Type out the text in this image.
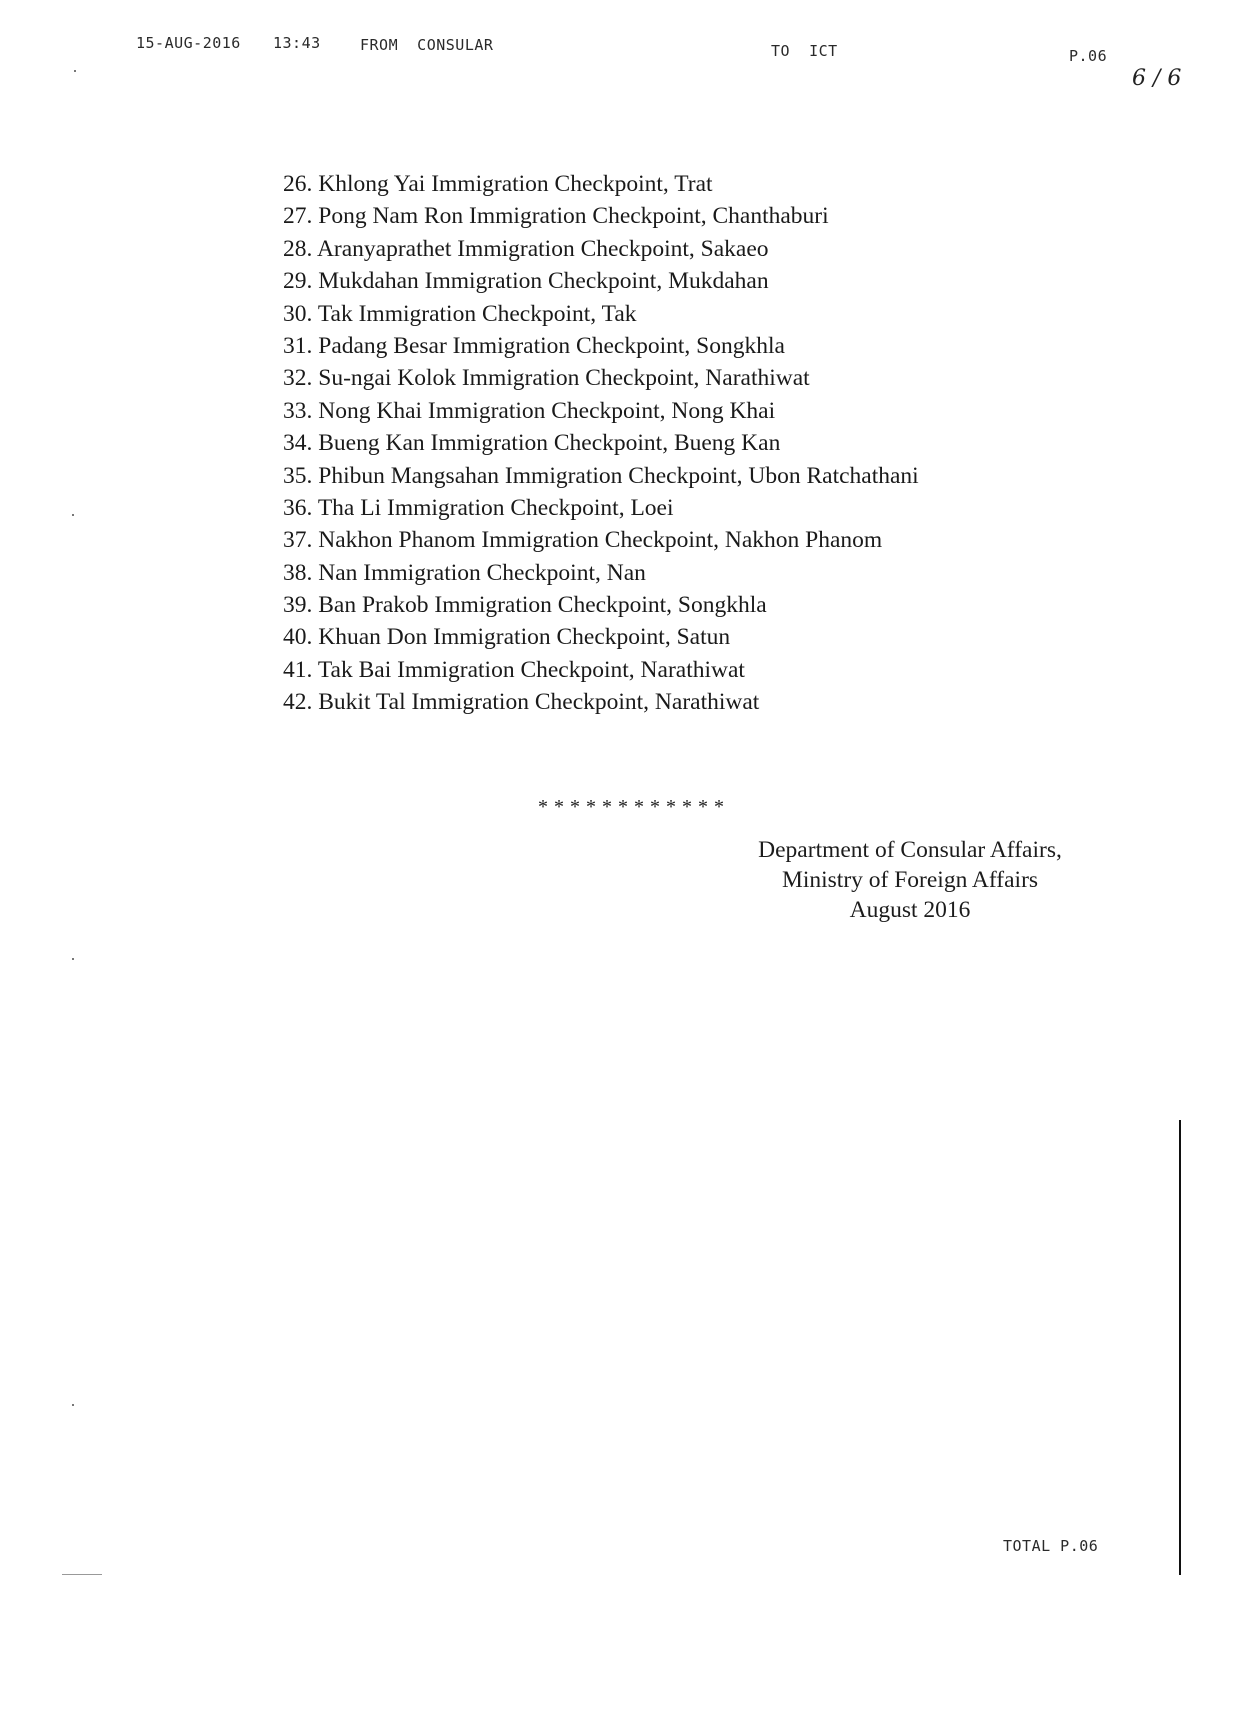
15-AUG-2016 13:43	FROM  CONSULAR	TO  ICT	P.06
6 / 6
26. Khlong Yai Immigration Checkpoint, Trat
27. Pong Nam Ron Immigration Checkpoint, Chanthaburi
28. Aranyaprathet Immigration Checkpoint, Sakaeo
29. Mukdahan Immigration Checkpoint, Mukdahan
30. Tak Immigration Checkpoint, Tak
31. Padang Besar Immigration Checkpoint, Songkhla
32. Su-ngai Kolok Immigration Checkpoint, Narathiwat
33. Nong Khai Immigration Checkpoint, Nong Khai
34. Bueng Kan Immigration Checkpoint, Bueng Kan
35. Phibun Mangsahan Immigration Checkpoint, Ubon Ratchathani
36. Tha Li Immigration Checkpoint, Loei
37. Nakhon Phanom Immigration Checkpoint, Nakhon Phanom
38. Nan Immigration Checkpoint, Nan
39. Ban Prakob Immigration Checkpoint, Songkhla
40. Khuan Don Immigration Checkpoint, Satun
41. Tak Bai Immigration Checkpoint, Narathiwat
42. Bukit Tal Immigration Checkpoint, Narathiwat
************
Department of Consular Affairs,
Ministry of Foreign Affairs
August 2016
TOTAL P.06
